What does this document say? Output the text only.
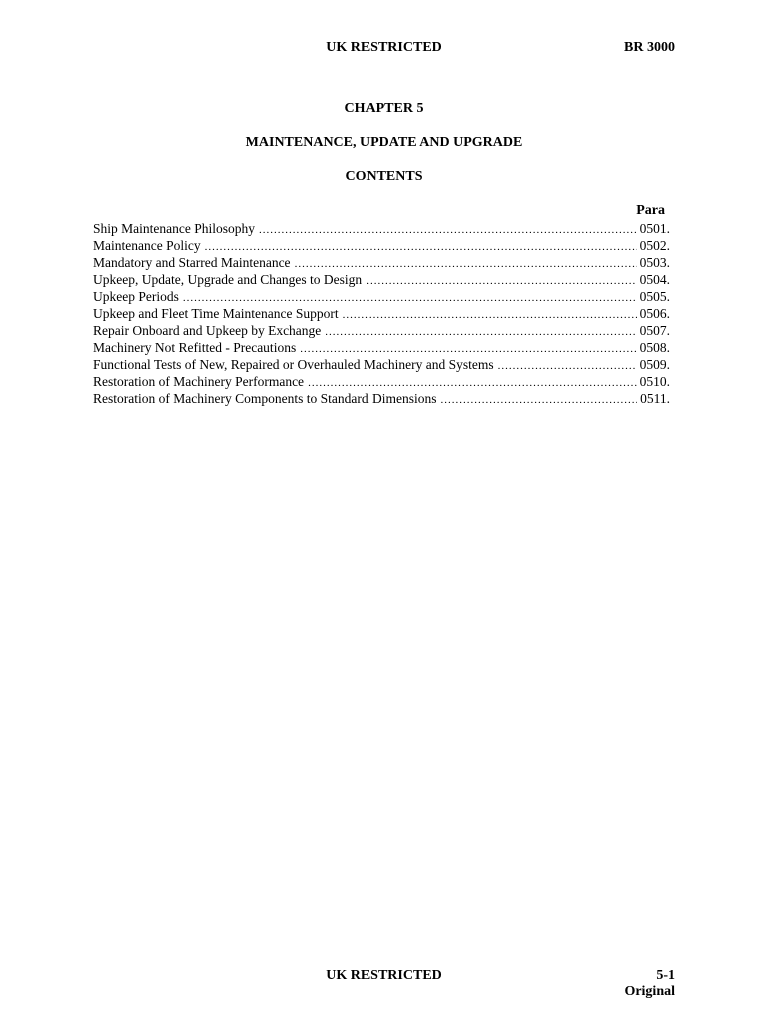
UK RESTRICTED	BR 3000
CHAPTER 5
MAINTENANCE, UPDATE AND UPGRADE
CONTENTS
Para
Ship Maintenance Philosophy .....	0501.
Maintenance Policy .....	0502.
Mandatory and Starred Maintenance .....	0503.
Upkeep, Update, Upgrade and Changes to Design .....	0504.
Upkeep Periods .....	0505.
Upkeep and Fleet Time Maintenance Support .....	0506.
Repair Onboard and Upkeep by Exchange .....	0507.
Machinery Not Refitted - Precautions .....	0508.
Functional Tests of New, Repaired or Overhauled Machinery and Systems .....	0509.
Restoration of Machinery Performance .....	0510.
Restoration of Machinery Components to Standard Dimensions .....	0511.
UK RESTRICTED	5-1
Original
